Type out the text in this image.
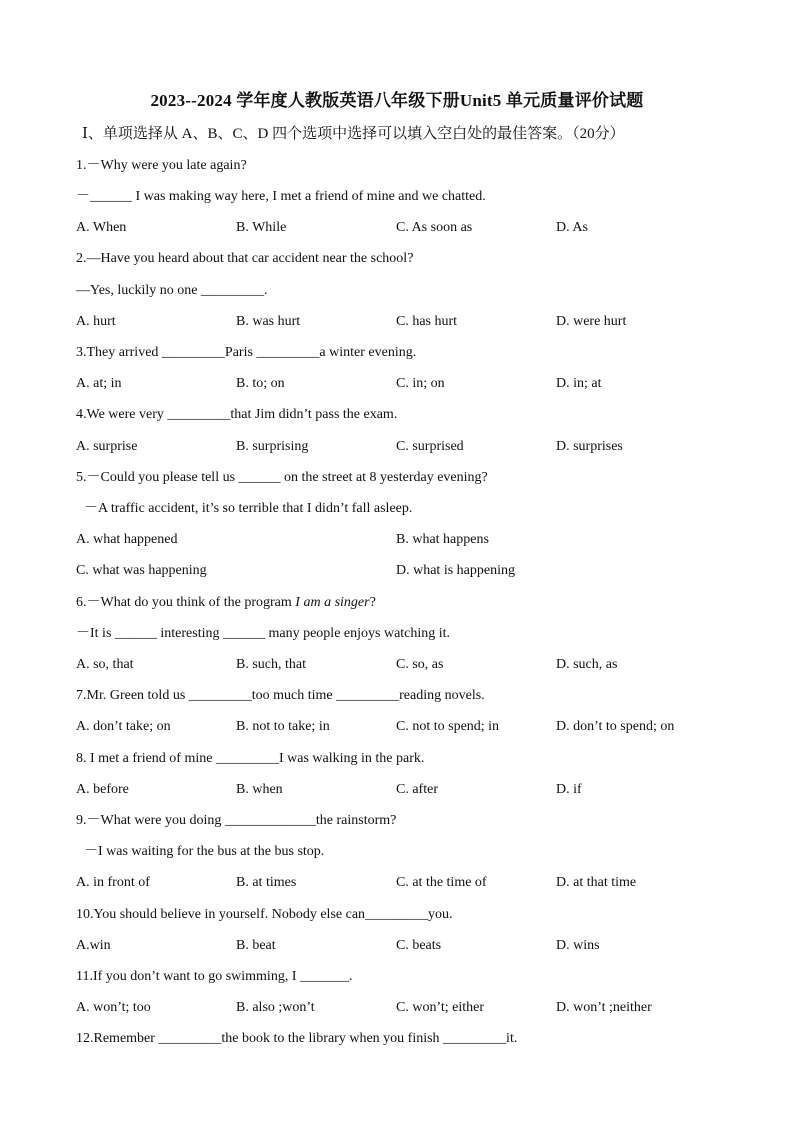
2023--2024 学年度人教版英语八年级下册Unit5 单元质量评价试题
Ⅰ、单项选择从 A、B、C、D 四个选项中选择可以填入空白处的最佳答案。（20分）
1.－Why were you late again?
－______ I was making way here, I met a friend of mine and we chatted.
A. When	B. While	C. As soon as	D. As
2.—Have you heard about that car accident near the school?
—Yes, luckily no one _________.
A. hurt	B. was hurt	C. has hurt	D. were hurt
3.They arrived _________Paris _________a winter evening.
A. at; in	B. to; on	C. in; on	D. in; at
4.We were very _________that Jim didn’t pass the exam.
A. surprise	B. surprising	C. surprised	D. surprises
5.－Could you please tell us ______ on the street at 8 yesterday evening?
－A traffic accident, it’s so terrible that I didn’t fall asleep.
A. what happened	B. what happens
C. what was happening	D. what is happening
6.－What do you think of the program I am a singer?
－It is ______ interesting ______ many people enjoys watching it.
A. so, that	B. such, that	C. so, as	D. such, as
7.Mr. Green told us _________too much time _________reading novels.
A. don’t take; on	B. not to take; in	C. not to spend; in	D. don’t to spend; on
8. I met a friend of mine _________I was walking in the park.
A. before	B. when	C. after	D. if
9.－What were you doing _____________the rainstorm?
－I was waiting for the bus at the bus stop.
A. in front of	B. at times	C. at the time of	D. at that time
10.You should believe in yourself. Nobody else can_________you.
A.win	B. beat	C. beats	D. wins
11.If you don’t want to go swimming, I _______.
A. won’t; too	B. also ;won’t	C. won’t; either	D. won’t ;neither
12.Remember _________the book to the library when you finish _________it.
